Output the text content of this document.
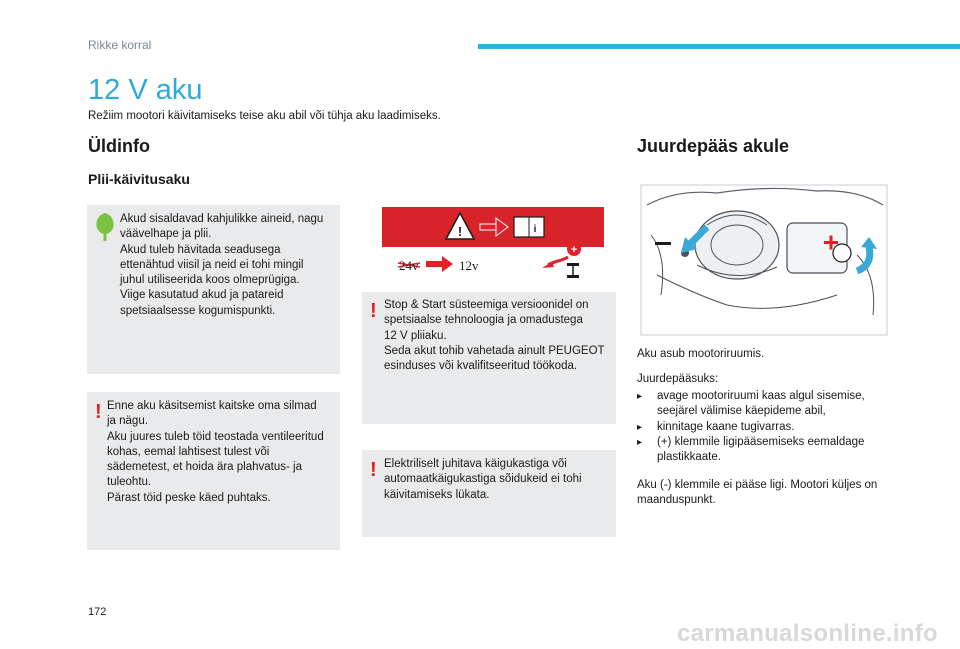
Rikke korral
12 V aku
Režiim mootori käivitamiseks teise aku abil või tühja aku laadimiseks.
Üldinfo
Plii-käivitusaku
Akud sisaldavad kahjulikke aineid, nagu
väävelhape ja plii.
Akud tuleb hävitada seadusega
ettenähtud viisil ja neid ei tohi mingil
juhul utiliseerida koos olmeprügiga.
Viige kasutatud akud ja patareid
spetsiaalsesse kogumispunkti.
! Enne aku käsitsemist kaitske oma silmad
ja nägu.
Aku juures tuleb töid teostada ventileeritud
kohas, eemal lahtisest tulest või
sädemetest, et hoida ära plahvatus- ja
tuleohtu.
Pärast töid peske käed puhtaks.
!	i
+
24v	12v
! Stop & Start süsteemiga versioonidel on
spetsiaalse tehnoloogia ja omadustega
12 V pliiaku.
Seda akut tohib vahetada ainult PEUGEOT
esinduses või kvalifitseeritud töökoda.
! Elektriliselt juhitava käigukastiga või
automaatkäigukastiga sõidukeid ei tohi
käivitamiseks lükata.
Juurdepääs akule
Aku asub mootoriruumis.
Juurdepääsuks:
▸	avage mootoriruumi kaas algul sisemise,
seejärel välimise käepideme abil,
▸	kinnitage kaane tugivarras.
▸	(+) klemmile ligipääsemiseks eemaldage
plastikkaate.
Aku (-) klemmile ei pääse ligi. Mootori küljes on
maanduspunkt.
172
carmanualsonline.info
